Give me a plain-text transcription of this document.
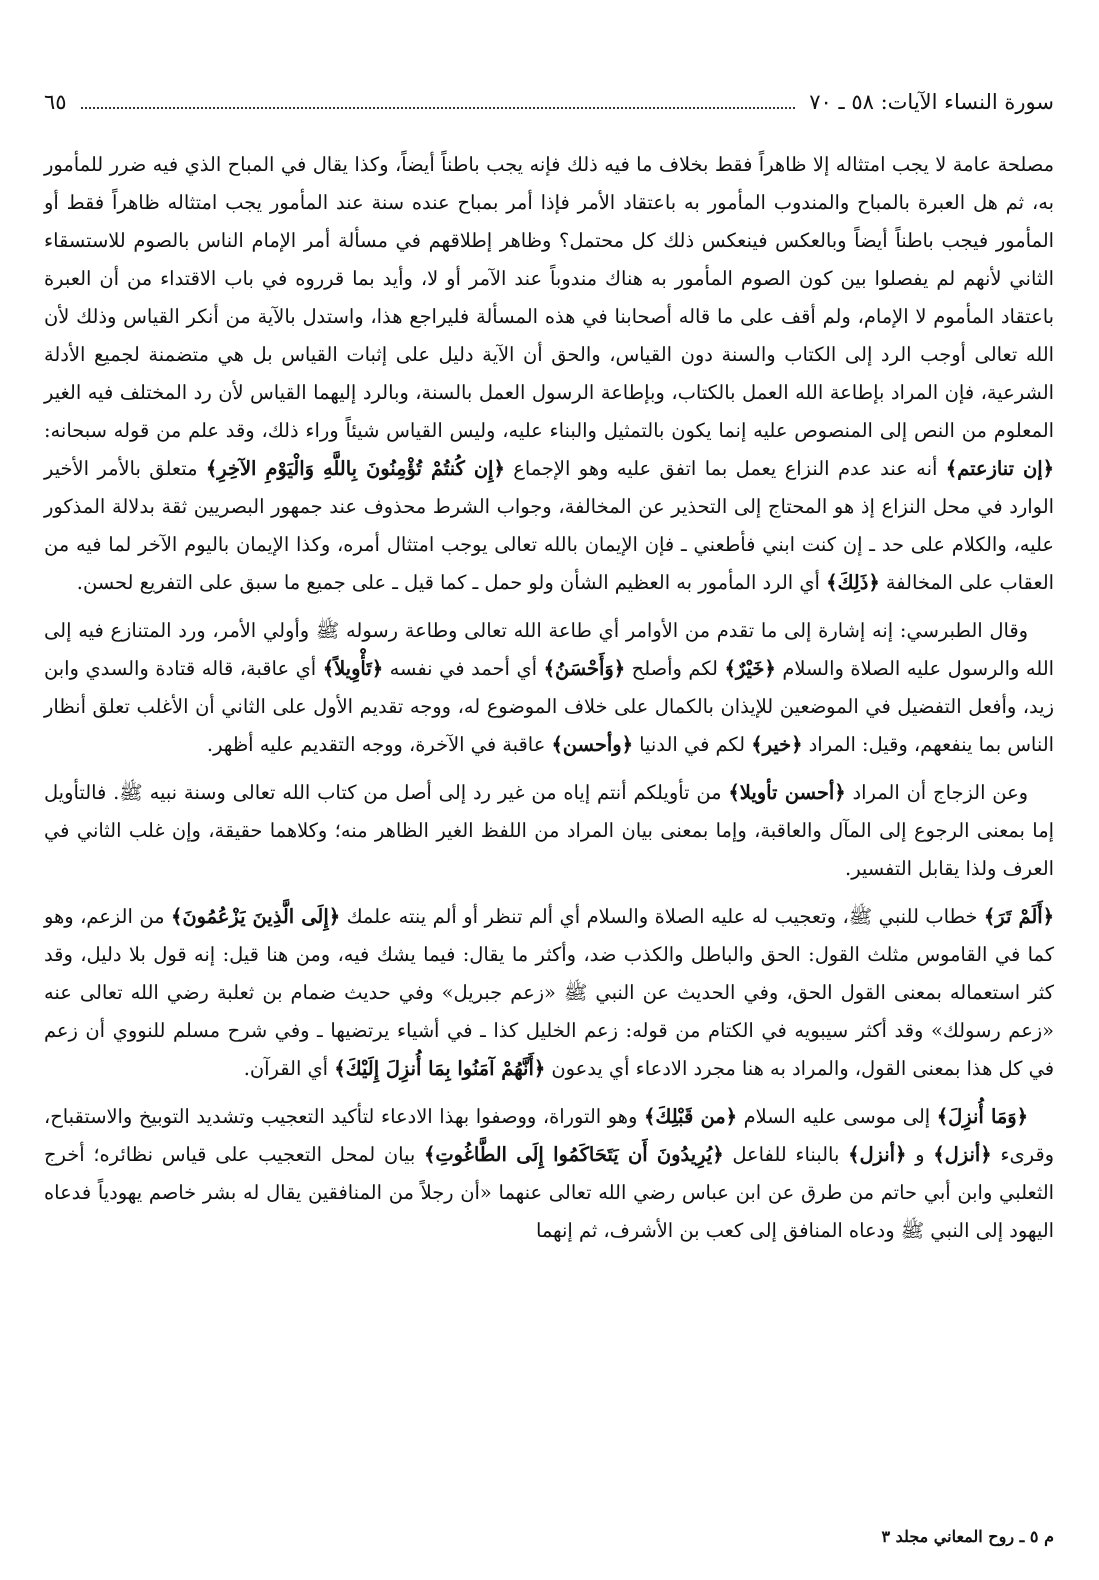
سورة النساء الآيات: ٥٨ ـ ٧٠
٦٥

مصلحة عامة لا يجب امتثاله إلا ظاهراً فقط بخلاف ما فيه ذلك فإنه يجب باطناً أيضاً، وكذا يقال في المباح الذي فيه ضرر للمأمور به، ثم هل العبرة بالمباح والمندوب المأمور به باعتقاد الأمر فإذا أمر بمباح عنده سنة عند المأمور يجب امتثاله ظاهراً فقط أو المأمور فيجب باطناً أيضاً وبالعكس فينعكس ذلك كل محتمل؟ وظاهر إطلاقهم في مسألة أمر الإمام الناس بالصوم للاستسقاء الثاني لأنهم لم يفصلوا بين كون الصوم المأمور به هناك مندوباً عند الآمر أو لا، وأيد بما قرروه في باب الاقتداء من أن العبرة باعتقاد المأموم لا الإمام، ولم أقف على ما قاله أصحابنا في هذه المسألة فليراجع هذا، واستدل بالآية من أنكر القياس وذلك لأن الله تعالى أوجب الرد إلى الكتاب والسنة دون القياس، والحق أن الآية دليل على إثبات القياس بل هي متضمنة لجميع الأدلة الشرعية، فإن المراد بإطاعة الله العمل بالكتاب، وبإطاعة الرسول العمل بالسنة، وبالرد إليهما القياس لأن رد المختلف فيه الغير المعلوم من النص إلى المنصوص عليه إنما يكون بالتمثيل والبناء عليه، وليس القياس شيئاً وراء ذلك، وقد علم من قوله سبحانه: ﴿إن تنازعتم﴾ أنه عند عدم النزاع يعمل بما اتفق عليه وهو الإجماع ﴿إِن كُنتُمْ تُؤْمِنُونَ بِاللَّهِ وَالْيَوْمِ الآخِرِ﴾ متعلق بالأمر الأخير الوارد في محل النزاع إذ هو المحتاج إلى التحذير عن المخالفة، وجواب الشرط محذوف عند جمهور البصريين ثقة بدلالة المذكور عليه، والكلام على حد ـ إن كنت ابني فأطعني ـ فإن الإيمان بالله تعالى يوجب امتثال أمره، وكذا الإيمان باليوم الآخر لما فيه من العقاب على المخالفة ﴿ذَلِكَ﴾ أي الرد المأمور به العظيم الشأن ولو حمل ـ كما قيل ـ على جميع ما سبق على التفريع لحسن.

وقال الطبرسي: إنه إشارة إلى ما تقدم من الأوامر أي طاعة الله تعالى وطاعة رسوله ﷺ وأولي الأمر، ورد المتنازع فيه إلى الله والرسول عليه الصلاة والسلام ﴿خَيْرٌ﴾ لكم وأصلح ﴿وَأَحْسَنُ﴾ أي أحمد في نفسه ﴿تَأْوِيلاً﴾ أي عاقبة، قاله قتادة والسدي وابن زيد، وأفعل التفضيل في الموضعين للإيذان بالكمال على خلاف الموضوع له، ووجه تقديم الأول على الثاني أن الأغلب تعلق أنظار الناس بما ينفعهم، وقيل: المراد ﴿خير﴾ لكم في الدنيا ﴿وأحسن﴾ عاقبة في الآخرة، ووجه التقديم عليه أظهر.

وعن الزجاج أن المراد ﴿أحسن تأويلا﴾ من تأويلكم أنتم إياه من غير رد إلى أصل من كتاب الله تعالى وسنة نبيه ﷺ. فالتأويل إما بمعنى الرجوع إلى المآل والعاقبة، وإما بمعنى بيان المراد من اللفظ الغير الظاهر منه؛ وكلاهما حقيقة، وإن غلب الثاني في العرف ولذا يقابل التفسير.

﴿أَلَمْ تَرَ﴾ خطاب للنبي ﷺ، وتعجيب له عليه الصلاة والسلام أي ألم تنظر أو ألم ينته علمك ﴿إِلَى الَّذِينَ يَزْعُمُونَ﴾ من الزعم، وهو كما في القاموس مثلث القول: الحق والباطل والكذب ضد، وأكثر ما يقال: فيما يشك فيه، ومن هنا قيل: إنه قول بلا دليل، وقد كثر استعماله بمعنى القول الحق، وفي الحديث عن النبي ﷺ «زعم جبريل» وفي حديث ضمام بن ثعلبة رضي الله تعالى عنه «زعم رسولك» وقد أكثر سيبويه في الكتام من قوله: زعم الخليل كذا ـ في أشياء يرتضيها ـ وفي شرح مسلم للنووي أن زعم في كل هذا بمعنى القول، والمراد به هنا مجرد الادعاء أي يدعون ﴿أَنَّهُمْ آمَنُوا بِمَا أُنزِلَ إِلَيْكَ﴾ أي القرآن.

﴿وَمَا أُنزِلَ﴾ إلى موسى عليه السلام ﴿من قَبْلِكَ﴾ وهو التوراة، ووصفوا بهذا الادعاء لتأكيد التعجيب وتشديد التوبيخ والاستقباح، وقرىء ﴿أنزل﴾ و ﴿أنزل﴾ بالبناء للفاعل ﴿يُرِيدُونَ أَن يَتَحَاكَمُوا إِلَى الطَّاغُوتِ﴾ بيان لمحل التعجيب على قياس نظائره؛ أخرج الثعلبي وابن أبي حاتم من طرق عن ابن عباس رضي الله تعالى عنهما «أن رجلاً من المنافقين يقال له بشر خاصم يهودياً فدعاه اليهود إلى النبي ﷺ ودعاه المنافق إلى كعب بن الأشرف، ثم إنهما

م ٥ ـ روح المعاني مجلد ٣
